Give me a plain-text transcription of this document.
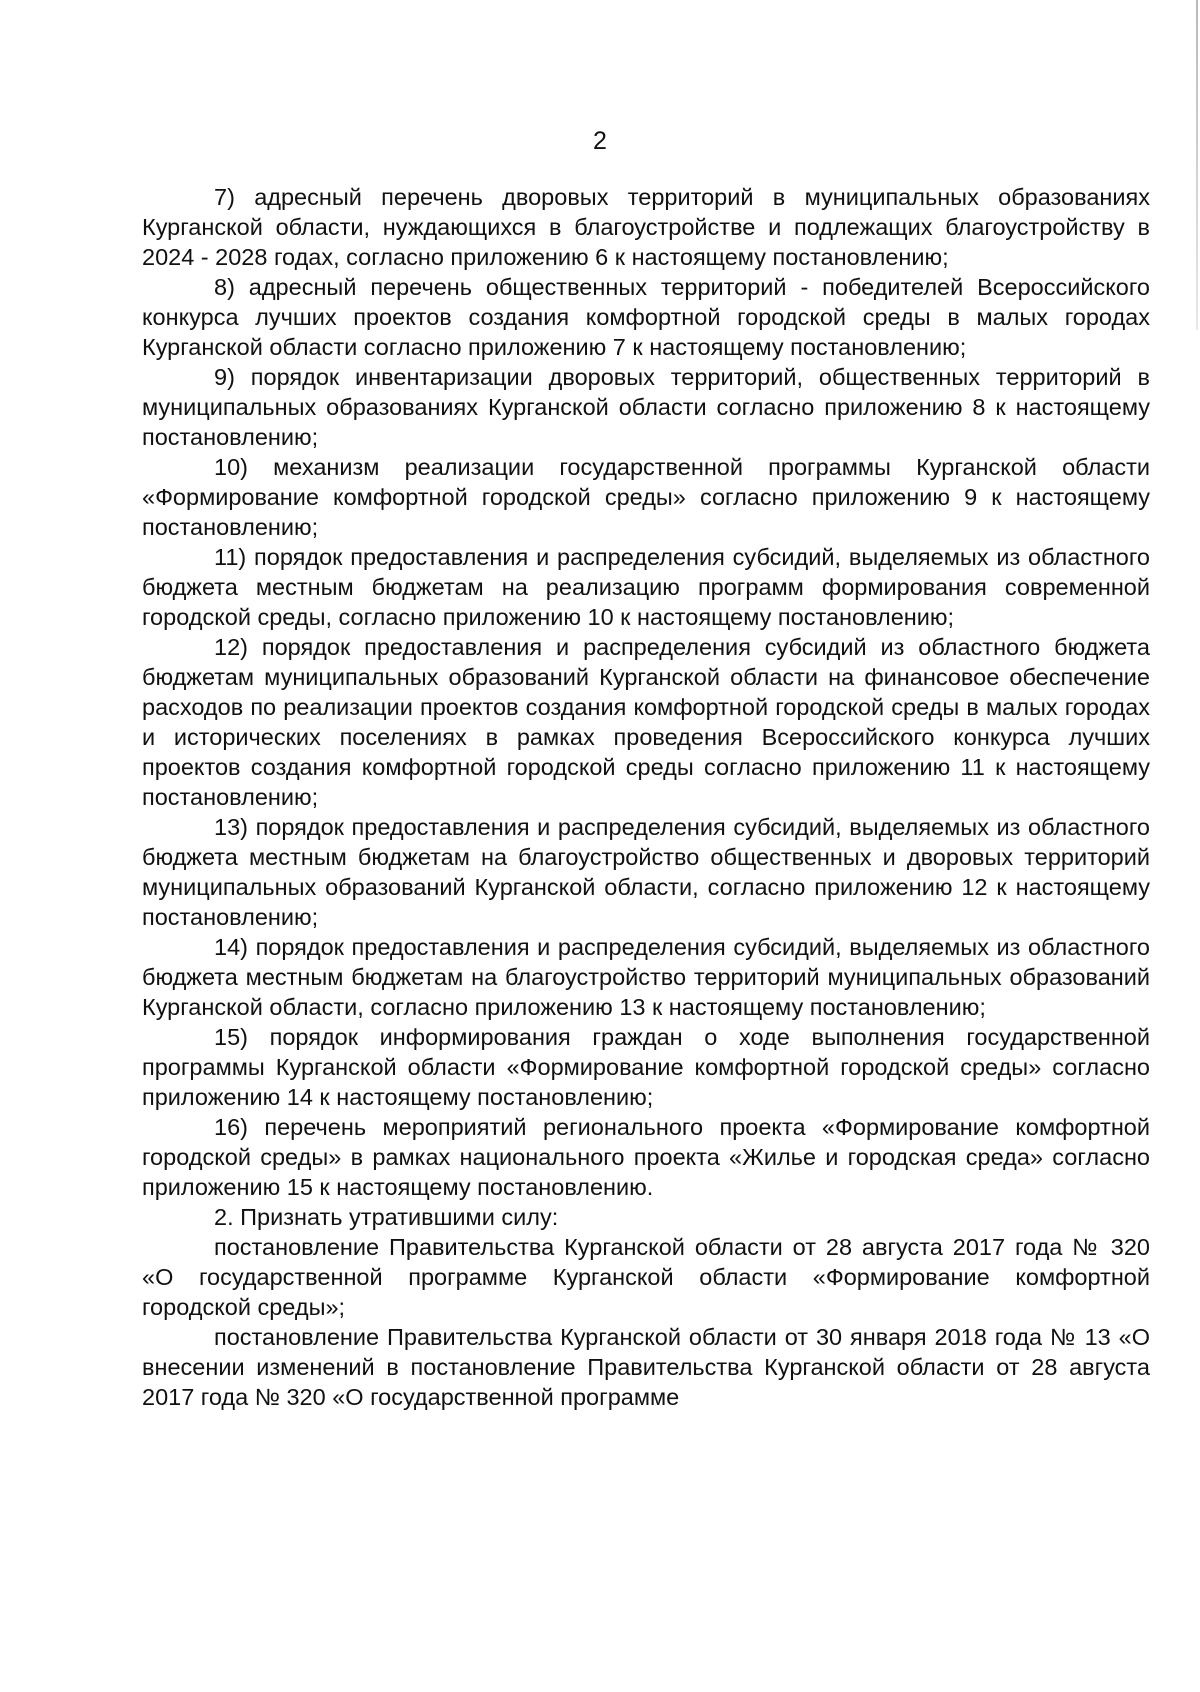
2

7) адресный перечень дворовых территорий в муниципальных образованиях Курганской области, нуждающихся в благоустройстве и подлежащих благоустройству в 2024 - 2028 годах, согласно приложению 6 к настоящему постановлению;

8) адресный перечень общественных территорий - победителей Всероссийского конкурса лучших проектов создания комфортной городской среды в малых городах Курганской области согласно приложению 7 к настоящему постановлению;

9) порядок инвентаризации дворовых территорий, общественных территорий в муниципальных образованиях Курганской области согласно приложению 8 к настоящему постановлению;

10) механизм реализации государственной программы Курганской области «Формирование комфортной городской среды» согласно приложению 9 к настоящему постановлению;

11) порядок предоставления и распределения субсидий, выделяемых из областного бюджета местным бюджетам на реализацию программ формирования современной городской среды, согласно приложению 10 к настоящему постановлению;

12) порядок предоставления и распределения субсидий из областного бюджета бюджетам муниципальных образований Курганской области на финансовое обеспечение расходов по реализации проектов создания комфортной городской среды в малых городах и исторических поселениях в рамках проведения Всероссийского конкурса лучших проектов создания комфортной городской среды согласно приложению 11 к настоящему постановлению;

13) порядок предоставления и распределения субсидий, выделяемых из областного бюджета местным бюджетам на благоустройство общественных и дворовых территорий муниципальных образований Курганской области, согласно приложению 12 к настоящему постановлению;

14) порядок предоставления и распределения субсидий, выделяемых из областного бюджета местным бюджетам на благоустройство территорий муниципальных образований Курганской области, согласно приложению 13 к настоящему постановлению;

15) порядок информирования граждан о ходе выполнения государственной программы Курганской области «Формирование комфортной городской среды» согласно приложению 14 к настоящему постановлению;

16) перечень мероприятий регионального проекта «Формирование комфортной городской среды» в рамках национального проекта «Жилье и городская среда» согласно приложению 15 к настоящему постановлению.

2. Признать утратившими силу:

постановление Правительства Курганской области от 28 августа 2017 года № 320 «О государственной программе Курганской области «Формирование комфортной городской среды»;

постановление Правительства Курганской области от 30 января 2018 года № 13 «О внесении изменений в постановление Правительства Курганской области от 28 августа 2017 года № 320 «О государственной программе
